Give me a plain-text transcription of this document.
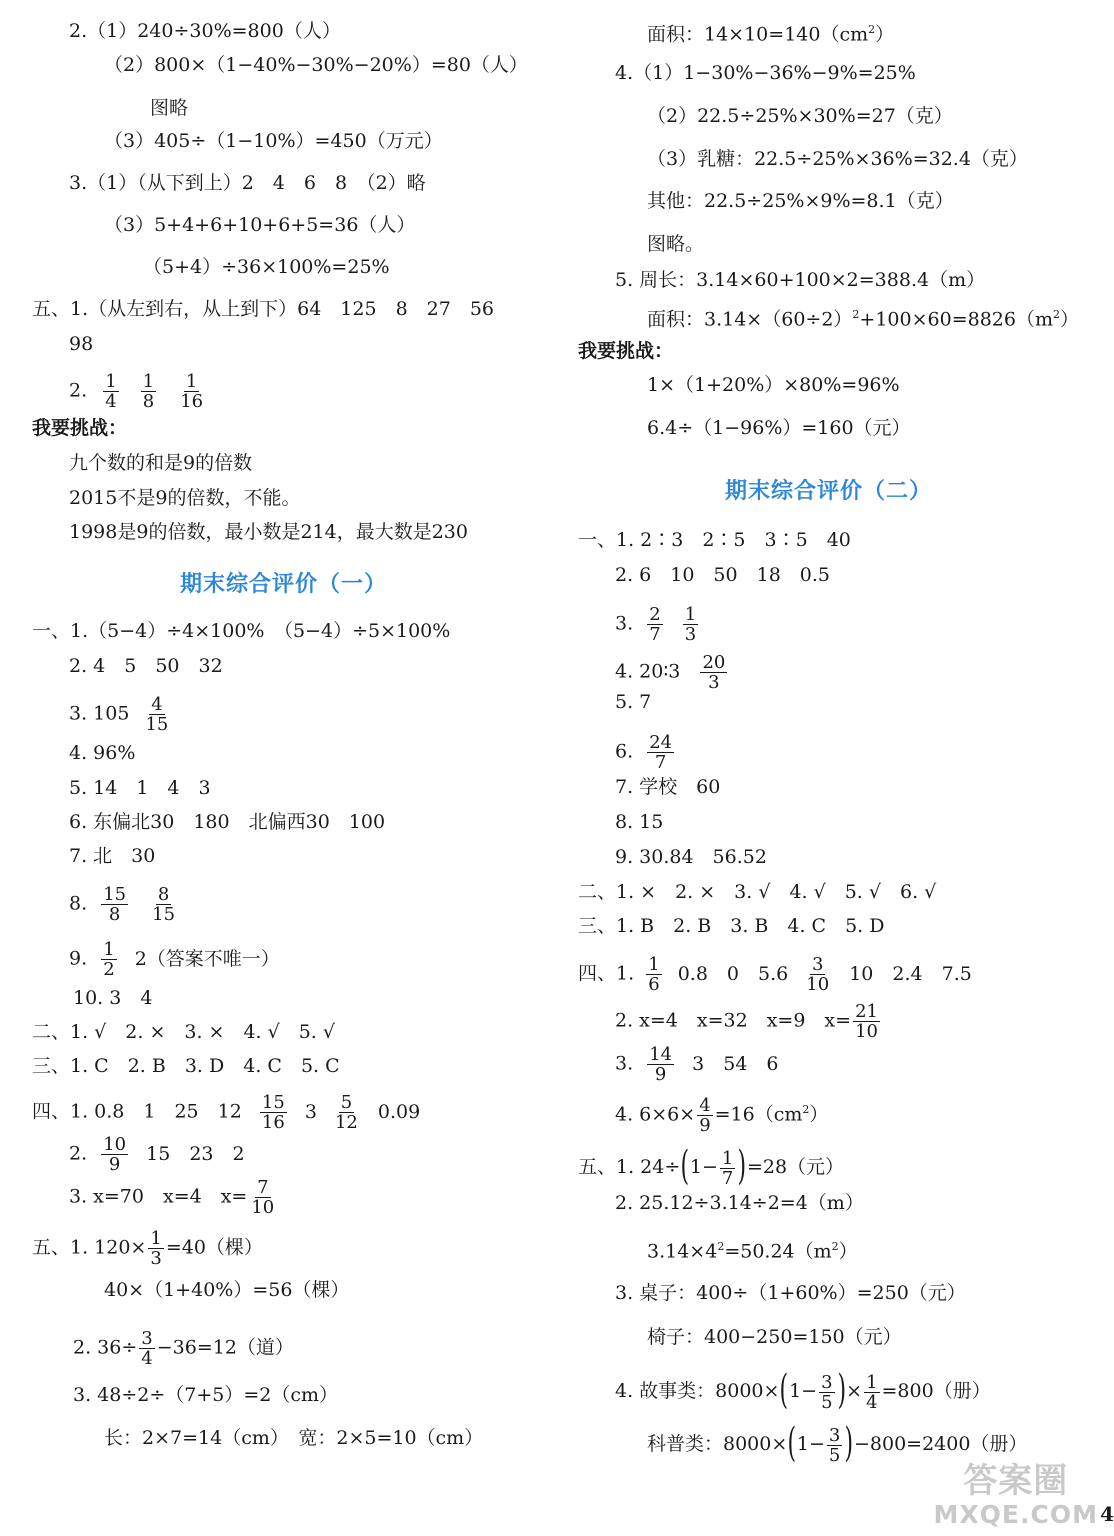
2.（1）240÷30%=800（人）
（2）800×（1−40%−30%−20%）=80（人）
图略
（3）405÷（1−10%）=450（万元）
3.（1）（从下到上）2　4　6　8　（2）略
（3）5+4+6+10+6+5=36（人）
（5+4）÷36×100%=25%
五、1.（从左到右，从上到下）64　125　8　27　56
98
2. $\frac{1}{4}$
$\frac{1}{8}$
$\frac{1}{16}$
我要挑战：
九个数的和是9的倍数
2015不是9的倍数，不能。
1998是9的倍数，最小数是214，最大数是230
期末综合评价（一）
一、1.（5−4）÷4×100%　（5−4）÷5×100%
2. 4　5　50　32
3. $105 \frac{4}{15}$
4. 96%
5. 14　1　4　3
6. 东偏北30　180　北偏西30　100
7. 北　30
8. $\frac{15}{8}$
$\frac{8}{15}$
9. $\frac{1}{2} 2$（答案不唯一）
10. 3　4
二、1. √　2. ×　3. ×　4. √　5. √
三、1. C　2. B　3. D　4. C　5. C
四、1. 0.8　1　25　$12 \frac{15}{16} 3 \frac{5}{12} 0.09$
2. $\frac{10}{9} 15$　23　2
3. x=70　x=4　$x= \frac{7}{10}$
五、1. $120\times \frac{1}{3} =40$（棵）
40×（1+40%）=56（棵）
2. $36\div \frac{3}{4} -36=12$（道）
3. 48÷2÷（7+5）=2（cm）
长：2×7=14（cm）　宽：2×5=10（cm）
面积：$14\times 10=140(cm^2)$
4.（1）1−30%−36%−9%=25%
（2）22.5÷25%×30%=27（克）
（3）乳糖：22.5÷25%×36%=32.4（克）
其他：22.5÷25%×9%=8.1（克）
图略。
5. 周长：3.14×60+100×2=388.4（m）
面积：$3.14\times(60\div 2)^2+100\times 60=8826(m^2)$
我要挑战：
1×（1+20%）×80%=96%
6.4÷（1−96%）=160（元）
期末综合评价（二）
一、1. 2∶3　2∶5　3∶5　40
2. 6　10　50　18　0.5
3. $\frac{2}{7}$
$\frac{1}{3}$
4. 20∶3 $\frac{20}{3}$
5. 7
6. $\frac{24}{7}$
7. 学校　60
8. 15
9. 30.84　56.52
二、1. ×　2. ×　3. √　4. √　5. √　6. √
三、1. B　2. B　3. B　4. C　5. D
四、1. $\frac{1}{6} 0.8$　0　$5.6 \frac{3}{10} 10$　2.4　7.5
2. x=4　x=32　x=9　$x= \frac{21}{10}$
3. $\frac{14}{9} 3$　54　6
4. $6\times 6\times \frac{4}{9} =16(cm^2)$
五、1. $24\div(1- \frac{1}{7} )=28$（元）
2. 25.12÷3.14÷2=4（m）
$3.14\times 4^2=50.24(m^2)$
3. 桌子：400÷（1+60%）=250（元）
椅子：400−250=150（元）
4. 故事类：$8000\times(1- \frac{3}{5}$ )× $\frac{1}{4} =800$（册）
科普类：$8000\times(1- \frac{3}{5} )-800=2400$（册）
答案圈
MXQE.COM 4
